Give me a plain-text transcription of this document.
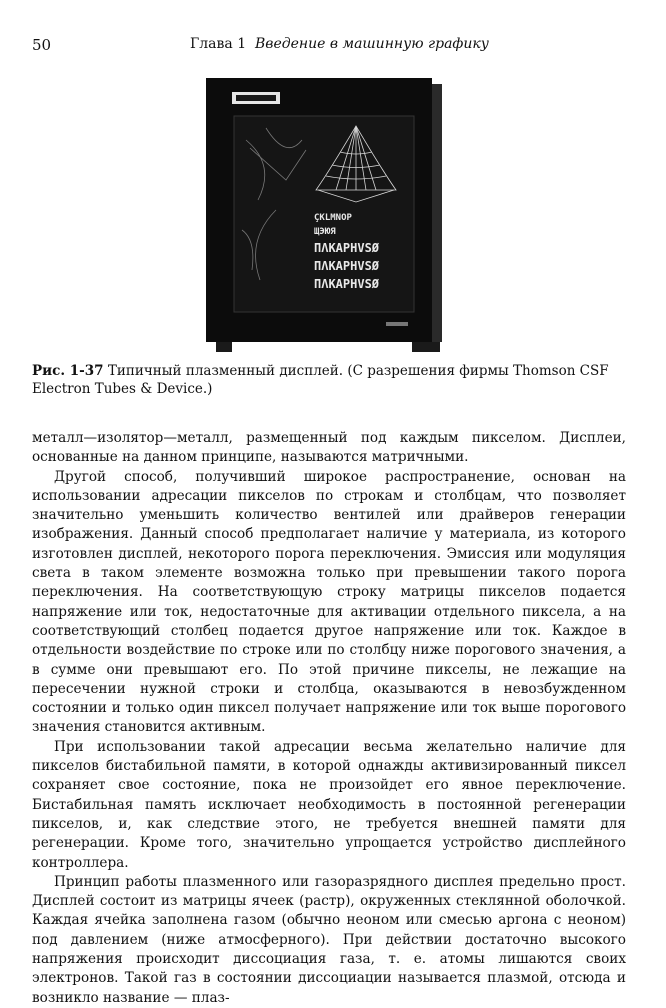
50	Глава 1 Введение в машинную графику
ÇKLMNOP
ЩЭЮЯ
ΠΛΚΑΡΗVSØ
ΠΛΚΑΡΗVSØ
ΠΛΚΑΡΗVSØ
Рис. 1-37 Типичный плазменный дисплей. (С разрешения фирмы Thomson CSF Electron Tubes & Device.)

металл—изолятор—металл, размещенный под каждым пикселом. Дисплеи, основанные на данном принципе, называются матричными.

Другой способ, получивший широкое распространение, основан на использовании адресации пикселов по строкам и столбцам, что позволяет значительно уменьшить количество вентилей или драйверов генерации изображения. Данный способ предполагает наличие у материала, из которого изготовлен дисплей, некоторого порога переключения. Эмиссия или модуляция света в таком элементе возможна только при превышении такого порога переключения. На соответствующую строку матрицы пикселов подается напряжение или ток, недостаточные для активации отдельного пиксела, а на соответствующий столбец подается другое напряжение или ток. Каждое в отдельности воздействие по строке или по столбцу ниже порогового значения, а в сумме они превышают его. По этой причине пикселы, не лежащие на пересечении нужной строки и столбца, оказываются в невозбужденном состоянии и только один пиксел получает напряжение или ток выше порогового значения становится активным.

При использовании такой адресации весьма желательно наличие для пикселов бистабильной памяти, в которой однажды активизированный пиксел сохраняет свое состояние, пока не произойдет его явное переключение. Бистабильная память исключает необходимость в постоянной регенерации пикселов, и, как следствие этого, не требуется внешней памяти для регенерации. Кроме того, значительно упрощается устройство дисплейного контроллера.

Принцип работы плазменного или газоразрядного дисплея предельно прост. Дисплей состоит из матрицы ячеек (растр), окруженных стеклянной оболочкой. Каждая ячейка заполнена газом (обычно неоном или смесью аргона с неоном) под давлением (ниже атмосферного). При действии достаточно высокого напряжения происходит диссоциация газа, т. е. атомы лишаются своих электронов. Такой газ в состоянии диссоциации называется плазмой, отсюда и возникло название — плаз-
